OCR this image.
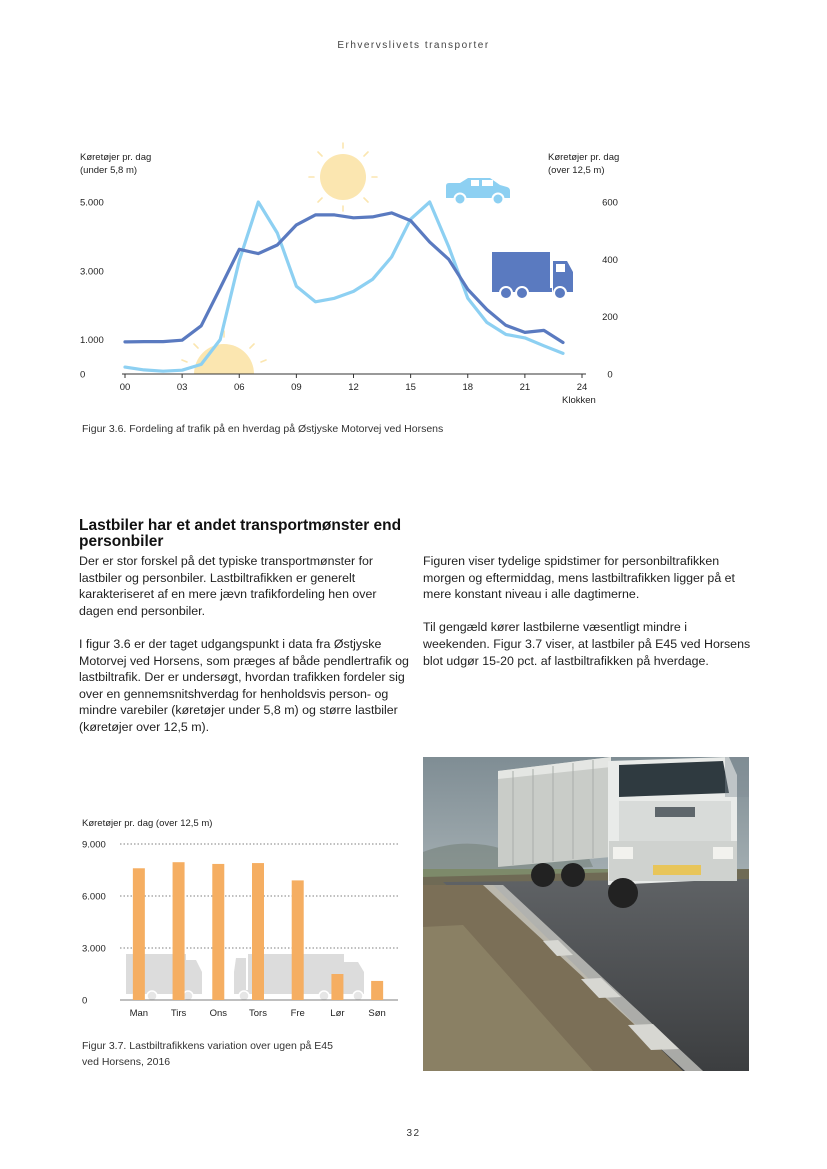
Erhvervslivets transporter
Køretøjer pr. dag
(under 5,8 m)
Køretøjer pr. dag
(over 12,5 m)
5.000
3.000
1.000
0
600
400
200
0
00	03	06	09	12	15	18	21	24
Klokken
Figur 3.6. Fordeling af trafik på en hverdag på Østjyske Motorvej ved Horsens
Lastbiler har et andet transportmønster end personbiler

Der er stor forskel på det typiske transportmønster for lastbiler og personbiler. Lastbiltrafikken er generelt karakteriseret af en mere jævn trafikfordeling hen over dagen end personbiler.

I figur 3.6 er der taget udgangspunkt i data fra Østjyske Motorvej ved Horsens, som præges af både pendlertrafik og lastbiltrafik. Der er undersøgt, hvordan trafikken fordeler sig over en gennemsnitshverdag for henholdsvis person- og mindre varebiler (køretøjer under 5,8 m) og større lastbiler (køretøjer over 12,5 m).

Figuren viser tydelige spidstimer for personbiltrafikken morgen og eftermiddag, mens lastbiltrafikken ligger på et mere konstant niveau i alle dagtimerne.

Til gengæld kører lastbilerne væsentligt mindre i weekenden. Figur 3.7 viser, at lastbiler på E45 ved Horsens blot udgør 15-20 pct. af lastbiltrafikken på hverdage.

Køretøjer pr. dag (over 12,5 m)
9.000
6.000
3.000
0
Man Tirs Ons Tors Fre	Lør	Søn
Figur 3.7. Lastbiltrafikkens variation over ugen på E45
ved Horsens, 2016
32
